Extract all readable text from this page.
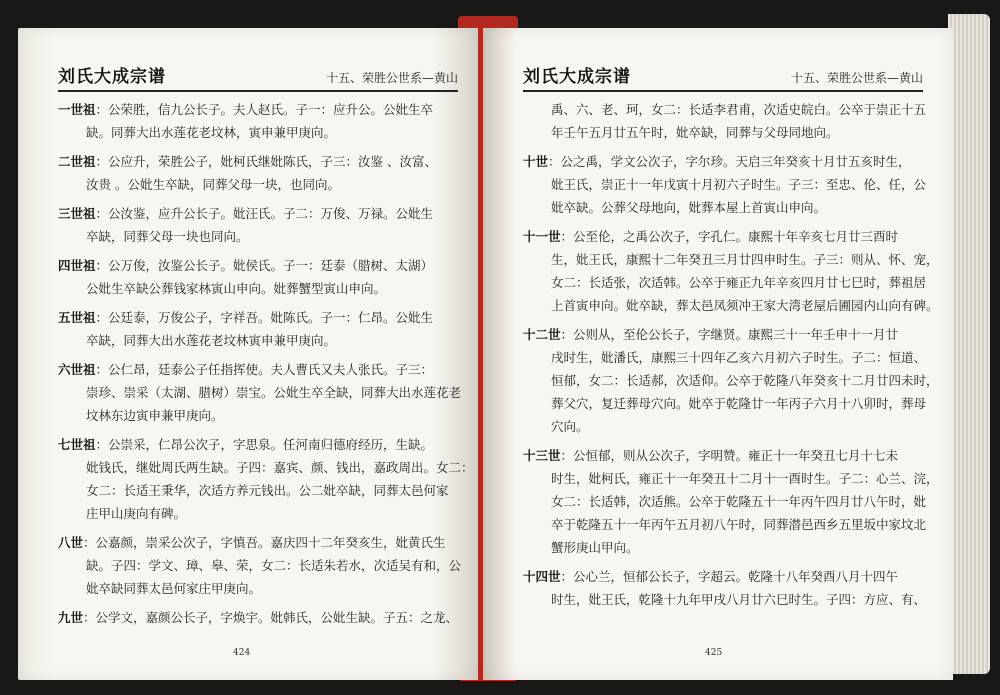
刘氏大成宗谱	十五、荣胜公世系—黄山
一世祖：公荣胜，信九公长子。夫人赵氏。子一：应升公。公妣生卒
缺。同葬大出水莲花老坟林，寅申兼甲庚向。
二世祖：公应升，荣胜公子，妣柯氏继妣陈氏，子三：汝鉴 、汝富、
汝贵 。公妣生卒缺，同葬父母一块，也同向。
三世祖：公汝鉴，应升公长子。妣汪氏。子二：万俊、万禄。公妣生
卒缺，同葬父母一块也同向。
四世祖：公万俊，汝鉴公长子。妣侯氏。子一：廷泰（腊树、太湖）
公妣生卒缺公葬钱家林寅山申向。妣葬蟹型寅山申向。
五世祖：公廷泰，万俊公子，字祥吾。妣陈氏。子一：仁昂。公妣生
卒缺，同葬大出水莲花老坟林寅申兼甲庚向。
六世祖：公仁昂，廷泰公子任指挥使。夫人曹氏又夫人张氏。子三：
崇珍、崇采（太湖、腊树）崇宝。公妣生卒全缺，同葬大出水莲花老
坟林东边寅申兼甲庚向。
七世祖：公崇采，仁昂公次子，字思泉。任河南归德府经历，生缺。
妣钱氏，继妣周氏两生缺。子四：嘉宾、颜、钱出，嘉政周出。女二：
女二：长适王秉华，次适方养元钱出。公二妣卒缺，同葬太邑何家
庄甲山庚向有碑。
八世：公嘉颜，崇采公次子，字慎吾。嘉庆四十二年癸亥生，妣黄氏生
缺。子四：学文、璋、皋、荣，女二：长适朱若水，次适吴有和，公
妣卒缺同葬太邑何家庄甲庚向。
九世：公学文，嘉颜公长子，字焕宇。妣韩氏，公妣生缺。子五：之龙、
424
刘氏大成宗谱	十五、荣胜公世系—黄山
禹、六、老、珂，女二：长适李君甫，次适史皖白。公卒于崇正十五
年壬午五月廿五午时，妣卒缺，同葬与父母同地向。
十世：公之禹，学文公次子，字尔珍。天启三年癸亥十月廿五亥时生，
妣王氏，崇正十一年戊寅十月初六子时生。子三：至忠、伦、任，公
妣卒缺。公葬父母地向，妣葬本屋上首寅山申向。
十一世：公至伦，之禹公次子，字孔仁。康熙十年辛亥七月廿三酉时
生，妣王氏，康熙十二年癸丑三月廿四申时生。子三：则从、怀、宠，
女二：长适张，次适韩。公卒于雍正九年辛亥四月廿七巳时，葬祖居
上首寅申向。妣卒缺，葬太邑凤须冲王家大湾老屋后圃园内山向有碑。
十二世：公则从，至伦公长子，字继贤。康熙三十一年壬申十一月廿
戌时生，妣潘氏，康熙三十四年乙亥六月初六子时生。子二：恒道、
恒郁，女二：长适郝，次适仰。公卒于乾隆八年癸亥十二月廿四未时，
葬父穴，复迁葬母穴向。妣卒于乾隆廿一年丙子六月十八卯时，葬母
穴向。
十三世：公恒郁，则从公次子，字明赞。雍正十一年癸丑七月十七未
时生，妣柯氏，雍正十一年癸丑十二月十一酉时生。子二：心兰、浣，
女二：长适韩，次适熊。公卒于乾隆五十一年丙午四月廿八午时，妣
卒于乾隆五十一年丙午五月初八午时，同葬潜邑西乡五里坂中家坟北
蟹形庚山甲向。
十四世：公心兰，恒郁公长子，字超云。乾隆十八年癸酉八月十四午
时生，妣王氏，乾隆十九年甲戌八月廿六巳时生。子四：方应、有、
425
